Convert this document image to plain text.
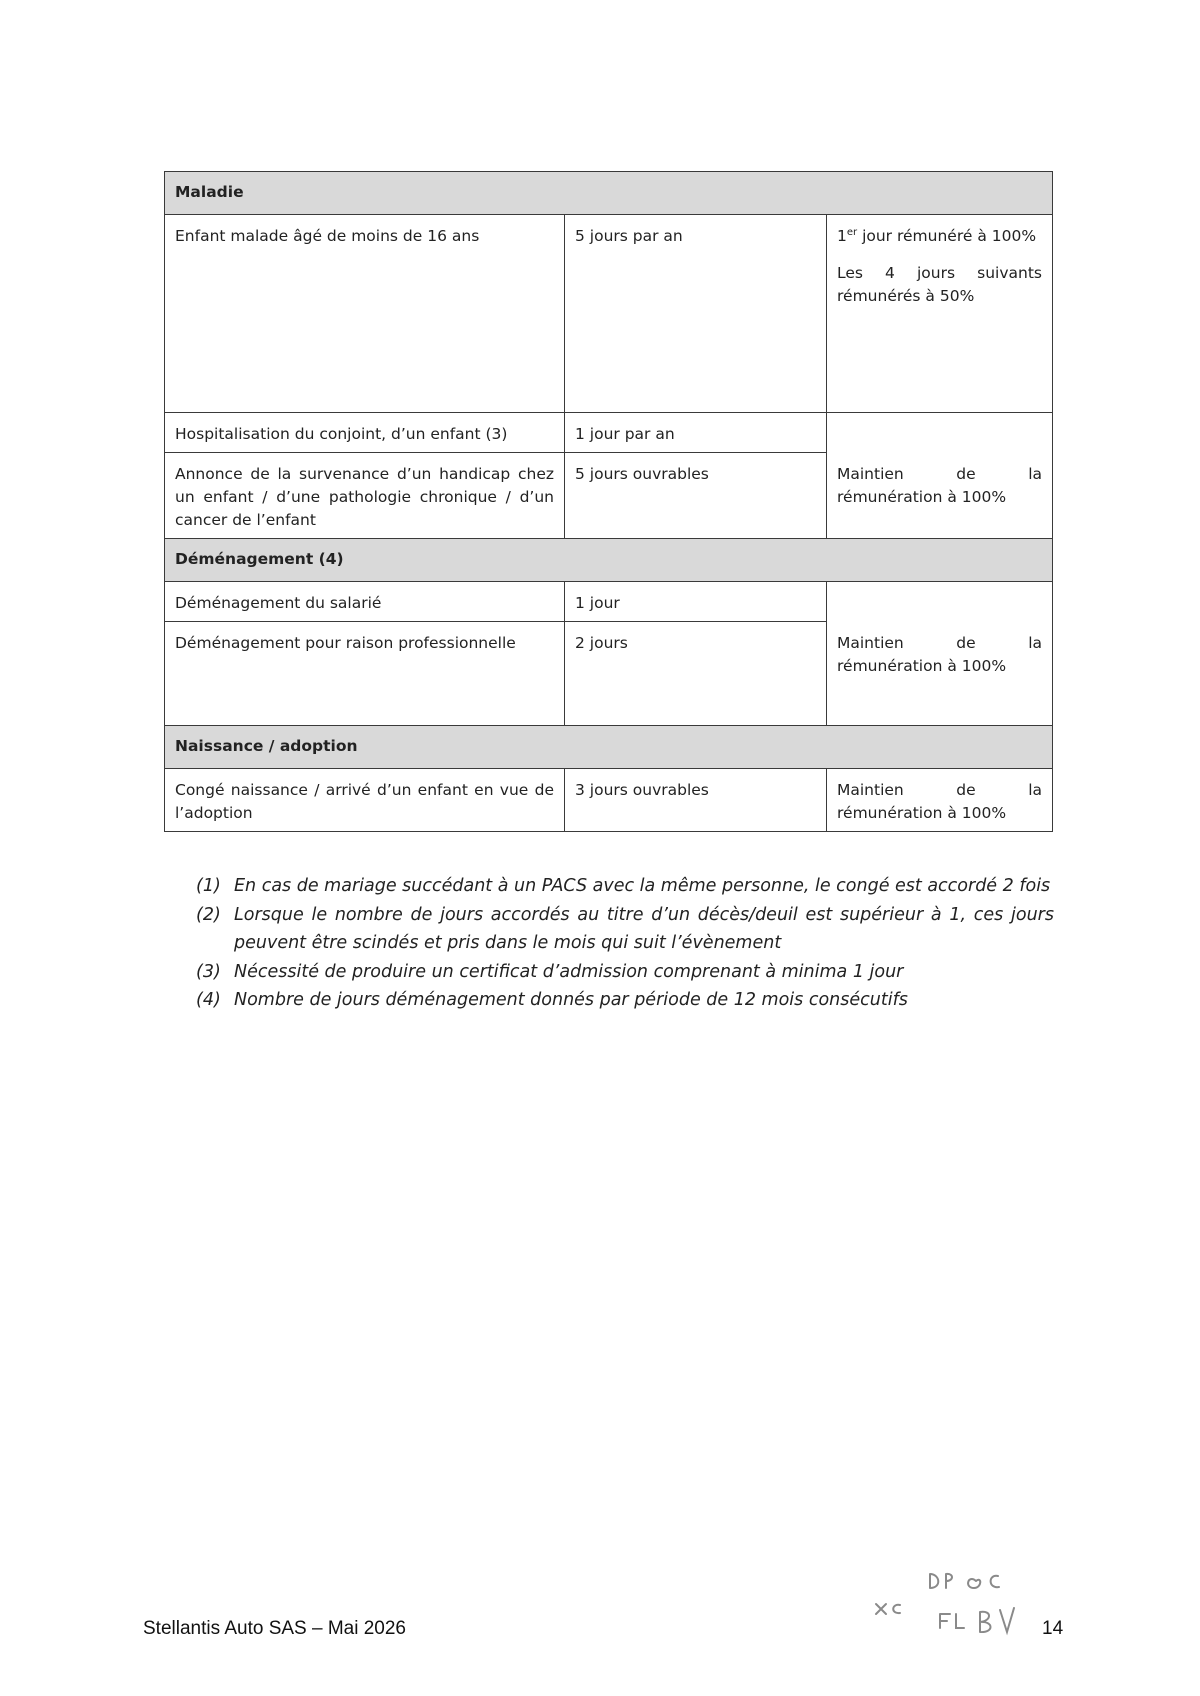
Maladie		
Enfant malade âgé de moins de 16 ans	5 jours par an	1er jour rémunéré à 100%

Les 4 jours suivants rémunérés à 50%

Hospitalisation du conjoint, d’un enfant (3)	1 jour par an	Maintien de la
rémunération à 100%
Annonce de la survenance d’un handicap chez un enfant / d’une pathologie chronique / d’un cancer de l’enfant	5 jours ouvrables	
Déménagement (4)		
Déménagement du salarié	1 jour	Maintien de la
rémunération à 100%
Déménagement pour raison professionnelle	2 jours	
Naissance / adoption		
Congé naissance / arrivé d’un enfant en vue de l’adoption	3 jours ouvrables	Maintien de la
rémunération à 100%
(1) En cas de mariage succédant à un PACS avec la même personne, le congé est accordé 2 fois
(2) Lorsque le nombre de jours accordés au titre d’un décès/deuil est supérieur à 1, ces jours peuvent être scindés et pris dans le mois qui suit l’évènement
(3) Nécessité de produire un certificat d’admission comprenant à minima 1 jour
(4) Nombre de jours déménagement donnés par période de 12 mois consécutifs
Stellantis Auto SAS – Mai 2026	14
